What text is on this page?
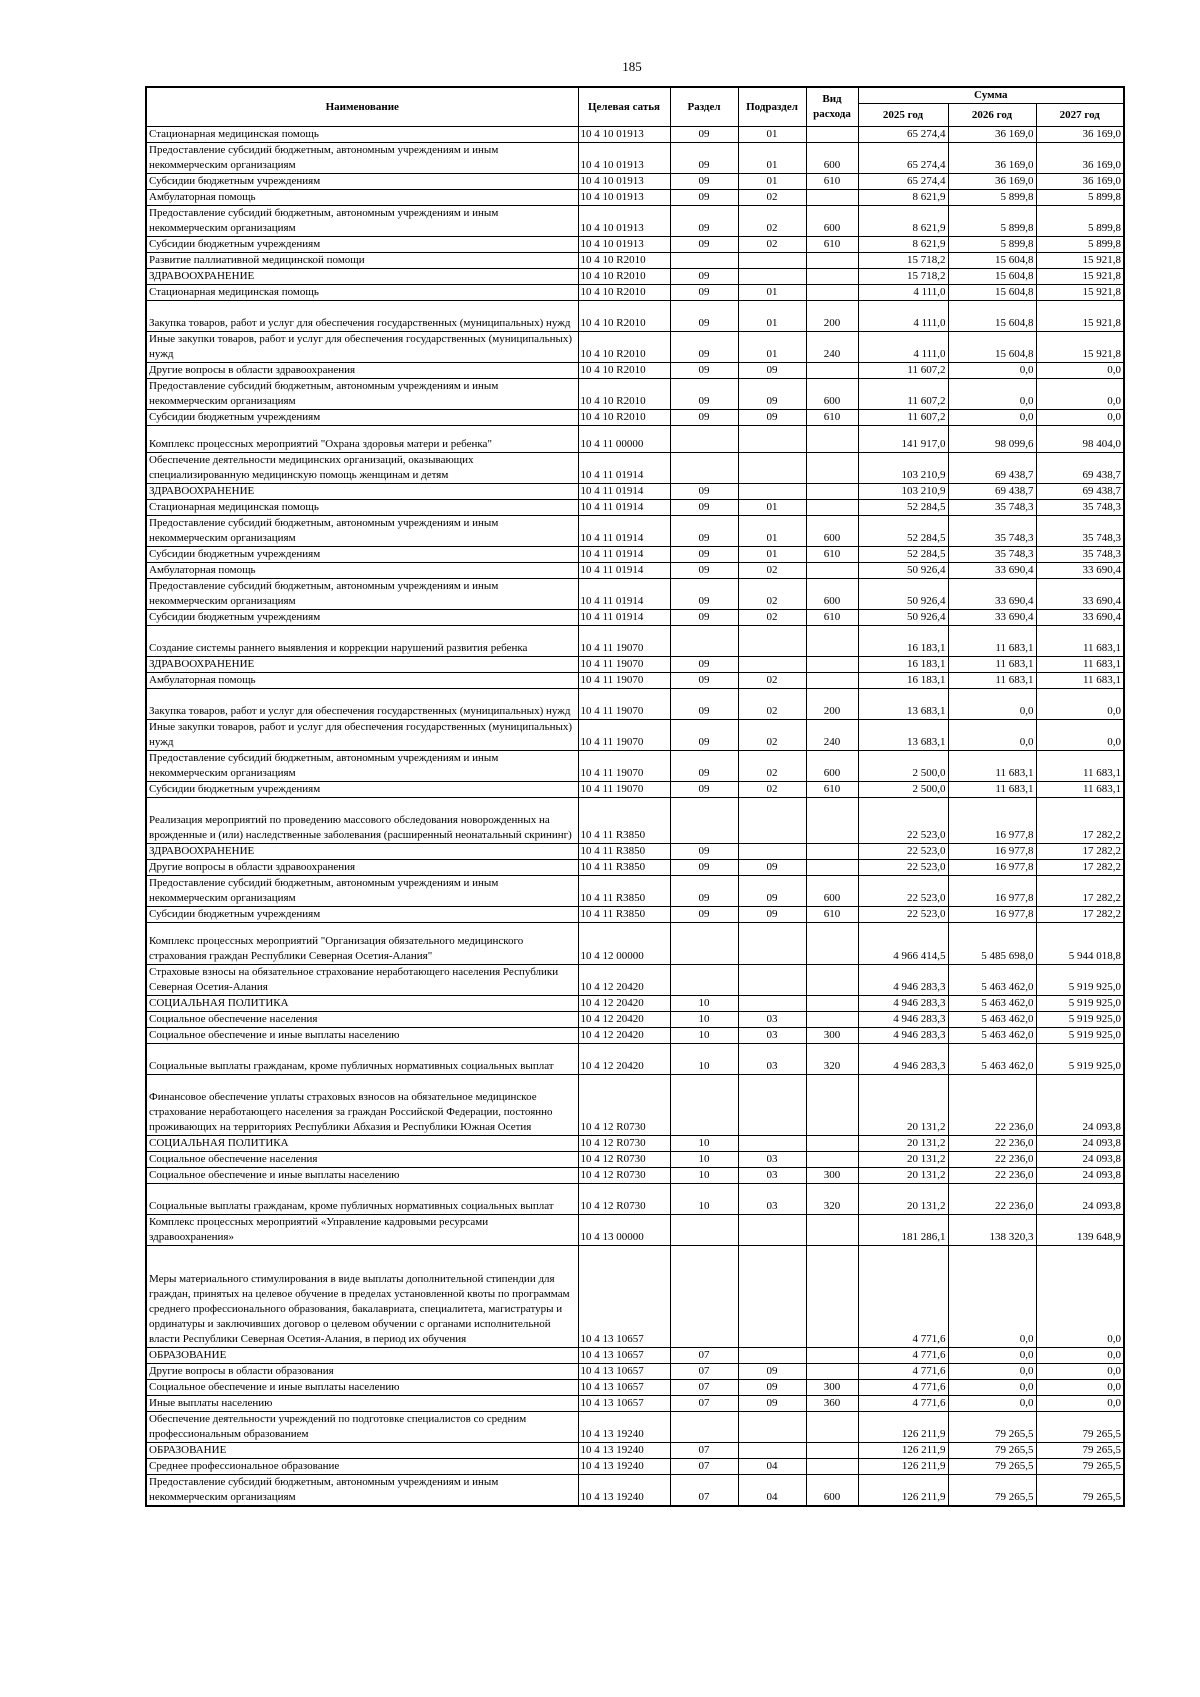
185
Наименование	Целевая сатья	Раздел	Подраздел	Вид расхода	Сумма		
					2025 год	2026 год	2027 год
Стационарная медицинская помощь	10 4 10 01913	09	01		65 274,4	36 169,0	36 169,0
Предоставление субсидий бюджетным, автономным учреждениям и иным некоммерческим организациям	10 4 10 01913	09	01	600	65 274,4	36 169,0	36 169,0
Субсидии бюджетным учреждениям	10 4 10 01913	09	01	610	65 274,4	36 169,0	36 169,0
Амбулаторная помощь	10 4 10 01913	09	02		8 621,9	5 899,8	5 899,8
Предоставление субсидий бюджетным, автономным учреждениям и иным некоммерческим организациям	10 4 10 01913	09	02	600	8 621,9	5 899,8	5 899,8
Субсидии бюджетным учреждениям	10 4 10 01913	09	02	610	8 621,9	5 899,8	5 899,8
Развитие паллиативной медицинской помощи	10 4 10 R2010				15 718,2	15 604,8	15 921,8
ЗДРАВООХРАНЕНИЕ	10 4 10 R2010	09			15 718,2	15 604,8	15 921,8
Стационарная медицинская помощь	10 4 10 R2010	09	01		4 111,0	15 604,8	15 921,8
Закупка товаров, работ и услуг для обеспечения государственных (муниципальных) нужд	10 4 10 R2010	09	01	200	4 111,0	15 604,8	15 921,8
Иные закупки товаров, работ и услуг для обеспечения государственных (муниципальных) нужд	10 4 10 R2010	09	01	240	4 111,0	15 604,8	15 921,8
Другие вопросы в области здравоохранения	10 4 10 R2010	09	09		11 607,2	0,0	0,0
Предоставление субсидий бюджетным, автономным учреждениям и иным некоммерческим организациям	10 4 10 R2010	09	09	600	11 607,2	0,0	0,0
Субсидии бюджетным учреждениям	10 4 10 R2010	09	09	610	11 607,2	0,0	0,0
Комплекс процессных мероприятий "Охрана здоровья матери и ребенка"	10 4 11 00000				141 917,0	98 099,6	98 404,0
Обеспечение деятельности медицинских организаций, оказывающих специализированную медицинскую помощь женщинам и детям	10 4 11 01914				103 210,9	69 438,7	69 438,7
ЗДРАВООХРАНЕНИЕ	10 4 11 01914	09			103 210,9	69 438,7	69 438,7
Стационарная медицинская помощь	10 4 11 01914	09	01		52 284,5	35 748,3	35 748,3
Предоставление субсидий бюджетным, автономным учреждениям и иным некоммерческим организациям	10 4 11 01914	09	01	600	52 284,5	35 748,3	35 748,3
Субсидии бюджетным учреждениям	10 4 11 01914	09	01	610	52 284,5	35 748,3	35 748,3
Амбулаторная помощь	10 4 11 01914	09	02		50 926,4	33 690,4	33 690,4
Предоставление субсидий бюджетным, автономным учреждениям и иным некоммерческим организациям	10 4 11 01914	09	02	600	50 926,4	33 690,4	33 690,4
Субсидии бюджетным учреждениям	10 4 11 01914	09	02	610	50 926,4	33 690,4	33 690,4
Создание системы раннего выявления и коррекции нарушений развития ребенка	10 4 11 19070				16 183,1	11 683,1	11 683,1
ЗДРАВООХРАНЕНИЕ	10 4 11 19070	09			16 183,1	11 683,1	11 683,1
Амбулаторная помощь	10 4 11 19070	09	02		16 183,1	11 683,1	11 683,1
Закупка товаров, работ и услуг для обеспечения государственных (муниципальных) нужд	10 4 11 19070	09	02	200	13 683,1	0,0	0,0
Иные закупки товаров, работ и услуг для обеспечения государственных (муниципальных) нужд	10 4 11 19070	09	02	240	13 683,1	0,0	0,0
Предоставление субсидий бюджетным, автономным учреждениям и иным некоммерческим организациям	10 4 11 19070	09	02	600	2 500,0	11 683,1	11 683,1
Субсидии бюджетным учреждениям	10 4 11 19070	09	02	610	2 500,0	11 683,1	11 683,1
Реализация мероприятий по проведению массового обследования новорожденных на врожденные и (или) наследственные заболевания (расширенный неонатальный скрининг)	10 4 11 R3850				22 523,0	16 977,8	17 282,2
ЗДРАВООХРАНЕНИЕ	10 4 11 R3850	09			22 523,0	16 977,8	17 282,2
Другие вопросы в области здравоохранения	10 4 11 R3850	09	09		22 523,0	16 977,8	17 282,2
Предоставление субсидий бюджетным, автономным учреждениям и иным некоммерческим организациям	10 4 11 R3850	09	09	600	22 523,0	16 977,8	17 282,2
Субсидии бюджетным учреждениям	10 4 11 R3850	09	09	610	22 523,0	16 977,8	17 282,2
Комплекс процессных мероприятий "Организация обязательного медицинского страхования граждан Республики Северная Осетия-Алания"	10 4 12 00000				4 966 414,5	5 485 698,0	5 944 018,8
Страховые взносы на обязательное страхование неработающего населения Республики Северная Осетия-Алания	10 4 12 20420				4 946 283,3	5 463 462,0	5 919 925,0
СОЦИАЛЬНАЯ ПОЛИТИКА	10 4 12 20420	10			4 946 283,3	5 463 462,0	5 919 925,0
Социальное обеспечение населения	10 4 12 20420	10	03		4 946 283,3	5 463 462,0	5 919 925,0
Социальное обеспечение и иные выплаты населению	10 4 12 20420	10	03	300	4 946 283,3	5 463 462,0	5 919 925,0
Социальные выплаты гражданам, кроме публичных нормативных социальных выплат	10 4 12 20420	10	03	320	4 946 283,3	5 463 462,0	5 919 925,0
Финансовое обеспечение уплаты страховых взносов на обязательное медицинское страхование неработающего населения за граждан Российской Федерации, постоянно проживающих на территориях Республики Абхазия и Республики Южная Осетия	10 4 12 R0730				20 131,2	22 236,0	24 093,8
СОЦИАЛЬНАЯ ПОЛИТИКА	10 4 12 R0730	10			20 131,2	22 236,0	24 093,8
Социальное обеспечение населения	10 4 12 R0730	10	03		20 131,2	22 236,0	24 093,8
Социальное обеспечение и иные выплаты населению	10 4 12 R0730	10	03	300	20 131,2	22 236,0	24 093,8
Социальные выплаты гражданам, кроме публичных нормативных социальных выплат	10 4 12 R0730	10	03	320	20 131,2	22 236,0	24 093,8
Комплекс процессных мероприятий «Управление кадровыми ресурсами здравоохранения»	10 4 13 00000				181 286,1	138 320,3	139 648,9
Меры материального стимулирования в виде выплаты дополнительной стипендии для граждан, принятых на целевое обучение в пределах установленной квоты по программам среднего профессионального образования, бакалавриата, специалитета, магистратуры и ординатуры и заключивших договор о целевом обучении с органами исполнительной власти Республики Северная Осетия-Алания, в период их обучения	10 4 13 10657				4 771,6	0,0	0,0
ОБРАЗОВАНИЕ	10 4 13 10657	07			4 771,6	0,0	0,0
Другие вопросы в области образования	10 4 13 10657	07	09		4 771,6	0,0	0,0
Социальное обеспечение и иные выплаты населению	10 4 13 10657	07	09	300	4 771,6	0,0	0,0
Иные выплаты населению	10 4 13 10657	07	09	360	4 771,6	0,0	0,0
Обеспечение деятельности учреждений по подготовке специалистов со средним профессиональным образованием	10 4 13 19240				126 211,9	79 265,5	79 265,5
ОБРАЗОВАНИЕ	10 4 13 19240	07			126 211,9	79 265,5	79 265,5
Среднее профессиональное образование	10 4 13 19240	07	04		126 211,9	79 265,5	79 265,5
Предоставление субсидий бюджетным, автономным учреждениям и иным некоммерческим организациям	10 4 13 19240	07	04	600	126 211,9	79 265,5	79 265,5
